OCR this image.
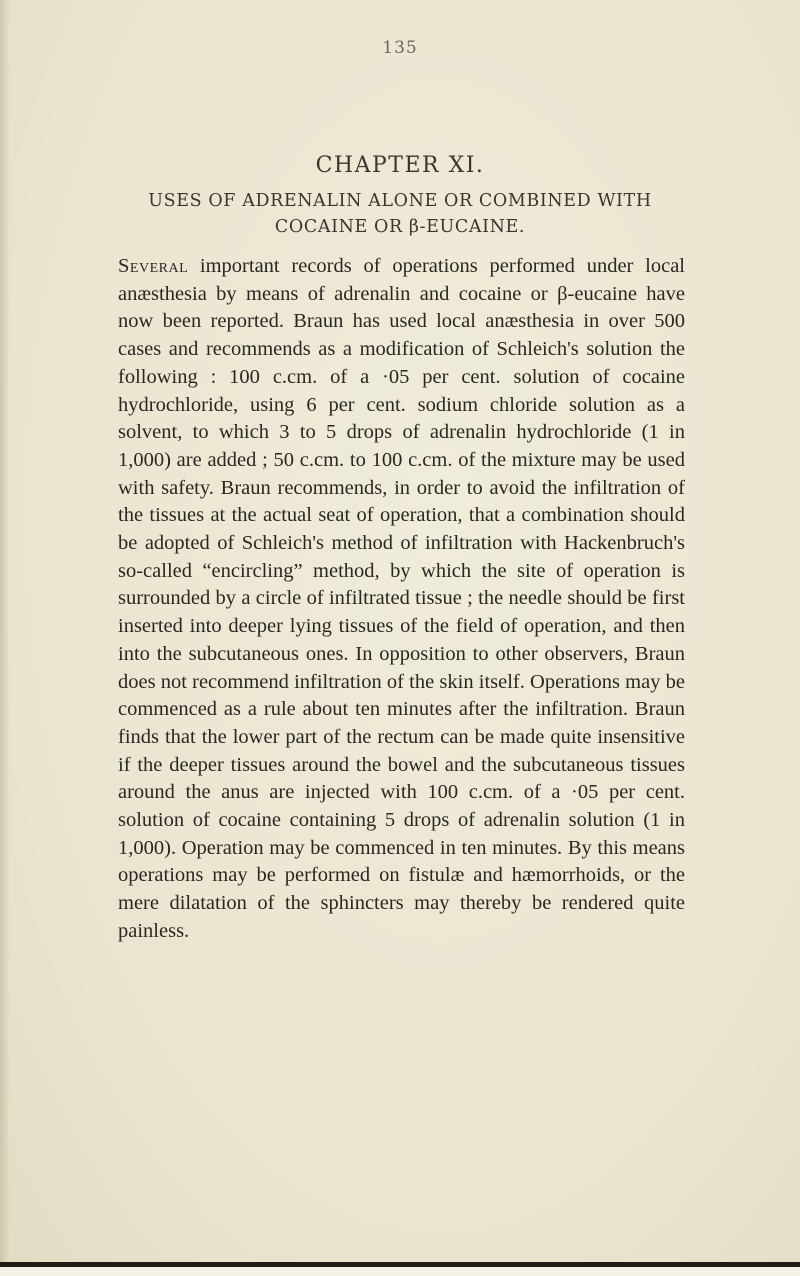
135
CHAPTER XI.
USES OF ADRENALIN ALONE OR COMBINED WITH COCAINE OR β-EUCAINE.
Several important records of operations performed under local anæsthesia by means of adrenalin and cocaine or β-eucaine have now been reported. Braun has used local anæsthesia in over 500 cases and recommends as a modification of Schleich's solution the following : 100 c.cm. of a ·05 per cent. solution of cocaine hydrochloride, using 6 per cent. sodium chloride solution as a solvent, to which 3 to 5 drops of adrenalin hydrochloride (1 in 1,000) are added ; 50 c.cm. to 100 c.cm. of the mixture may be used with safety. Braun recommends, in order to avoid the infiltration of the tissues at the actual seat of operation, that a combination should be adopted of Schleich's method of infiltration with Hackenbruch's so-called “encircling” method, by which the site of operation is surrounded by a circle of infiltrated tissue ; the needle should be first inserted into deeper lying tissues of the field of operation, and then into the subcutaneous ones. In opposition to other observers, Braun does not recommend infiltration of the skin itself. Operations may be commenced as a rule about ten minutes after the infiltration. Braun finds that the lower part of the rectum can be made quite insensitive if the deeper tissues around the bowel and the subcutaneous tissues around the anus are injected with 100 c.cm. of a ·05 per cent. solution of cocaine containing 5 drops of adrenalin solution (1 in 1,000). Operation may be commenced in ten minutes. By this means operations may be performed on fistulæ and hæmorrhoids, or the mere dilatation of the sphincters may thereby be rendered quite painless.
